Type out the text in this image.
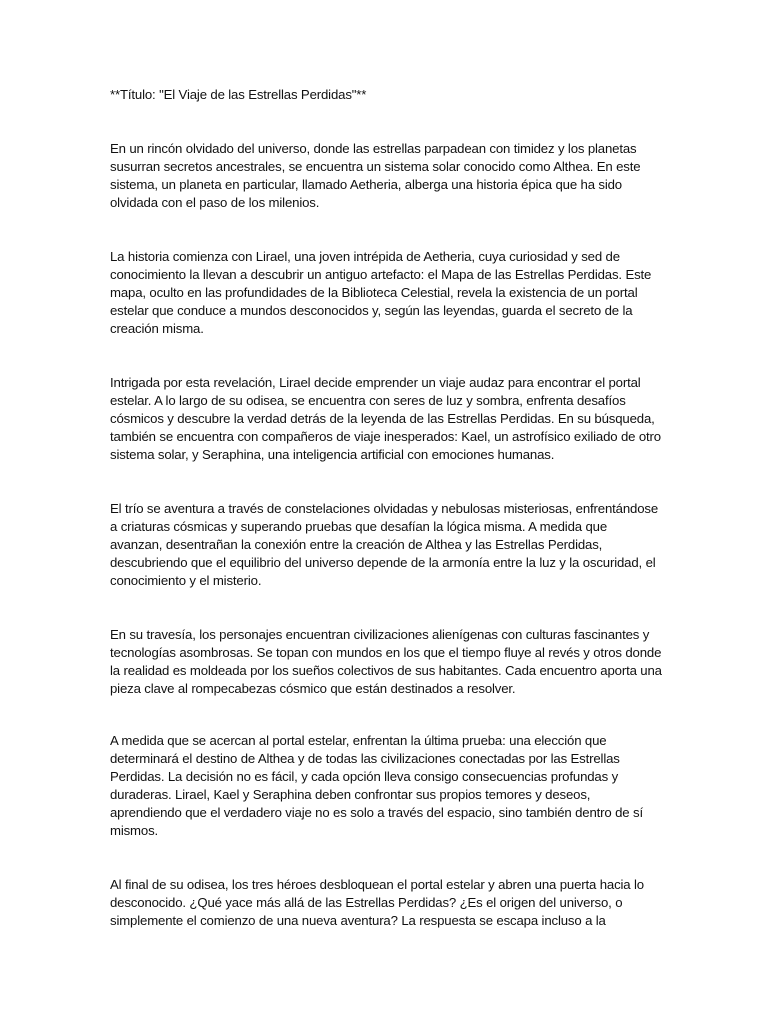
**Título: "El Viaje de las Estrellas Perdidas"**

En un rincón olvidado del universo, donde las estrellas parpadean con timidez y los planetas susurran secretos ancestrales, se encuentra un sistema solar conocido como Althea. En este sistema, un planeta en particular, llamado Aetheria, alberga una historia épica que ha sido olvidada con el paso de los milenios.

La historia comienza con Lirael, una joven intrépida de Aetheria, cuya curiosidad y sed de conocimiento la llevan a descubrir un antiguo artefacto: el Mapa de las Estrellas Perdidas. Este mapa, oculto en las profundidades de la Biblioteca Celestial, revela la existencia de un portal estelar que conduce a mundos desconocidos y, según las leyendas, guarda el secreto de la creación misma.

Intrigada por esta revelación, Lirael decide emprender un viaje audaz para encontrar el portal estelar. A lo largo de su odisea, se encuentra con seres de luz y sombra, enfrenta desafíos cósmicos y descubre la verdad detrás de la leyenda de las Estrellas Perdidas. En su búsqueda, también se encuentra con compañeros de viaje inesperados: Kael, un astrofísico exiliado de otro sistema solar, y Seraphina, una inteligencia artificial con emociones humanas.

El trío se aventura a través de constelaciones olvidadas y nebulosas misteriosas, enfrentándose a criaturas cósmicas y superando pruebas que desafían la lógica misma. A medida que avanzan, desentrañan la conexión entre la creación de Althea y las Estrellas Perdidas, descubriendo que el equilibrio del universo depende de la armonía entre la luz y la oscuridad, el conocimiento y el misterio.

En su travesía, los personajes encuentran civilizaciones alienígenas con culturas fascinantes y tecnologías asombrosas. Se topan con mundos en los que el tiempo fluye al revés y otros donde la realidad es moldeada por los sueños colectivos de sus habitantes. Cada encuentro aporta una pieza clave al rompecabezas cósmico que están destinados a resolver.

A medida que se acercan al portal estelar, enfrentan la última prueba: una elección que determinará el destino de Althea y de todas las civilizaciones conectadas por las Estrellas Perdidas. La decisión no es fácil, y cada opción lleva consigo consecuencias profundas y duraderas. Lirael, Kael y Seraphina deben confrontar sus propios temores y deseos, aprendiendo que el verdadero viaje no es solo a través del espacio, sino también dentro de sí mismos.

Al final de su odisea, los tres héroes desbloquean el portal estelar y abren una puerta hacia lo desconocido. ¿Qué yace más allá de las Estrellas Perdidas? ¿Es el origen del universo, o simplemente el comienzo de una nueva aventura? La respuesta se escapa incluso a la
